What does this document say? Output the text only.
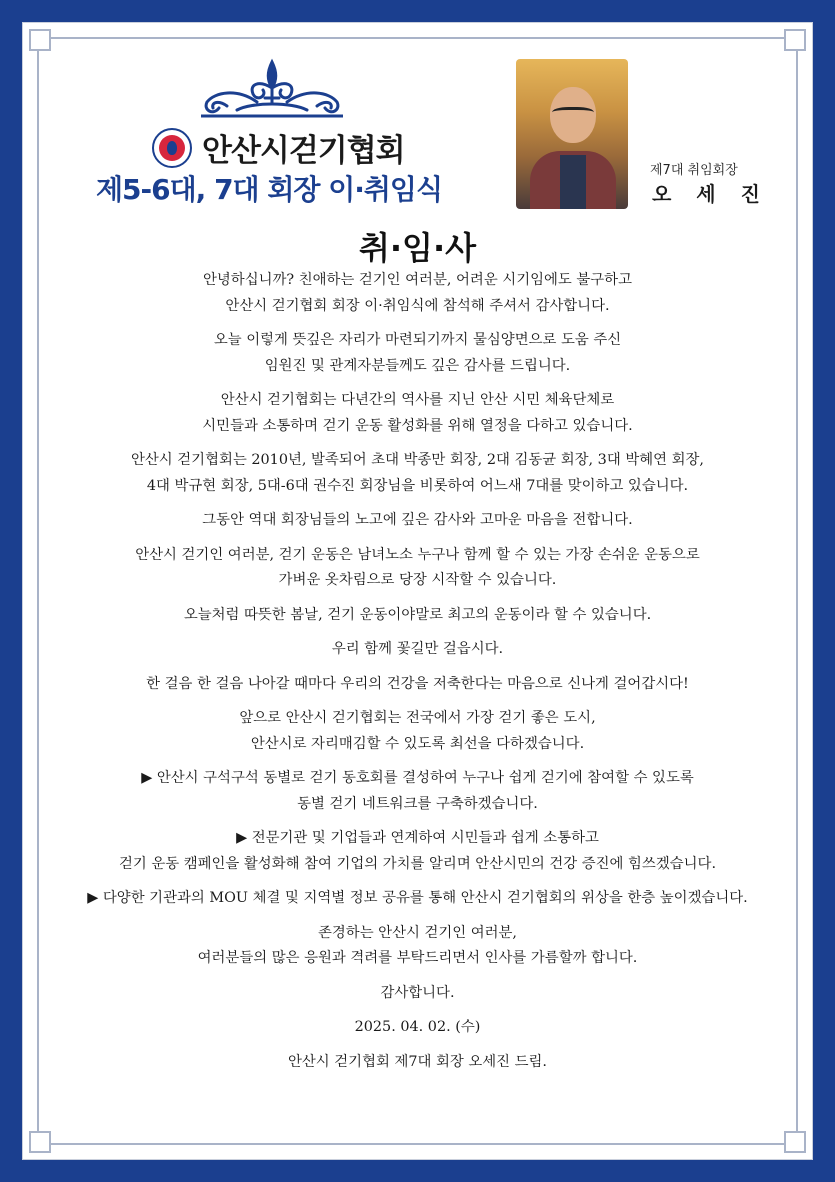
안산시걷기협회
제5-6대, 7대 회장 이·취임식
제7대 취임회장
오 세 진
취·임·사
안녕하십니까? 친애하는 걷기인 여러분, 어려운 시기임에도 불구하고
안산시 걷기협회 회장 이·취임식에 참석해 주셔서 감사합니다.
오늘 이렇게 뜻깊은 자리가 마련되기까지 물심양면으로 도움 주신
임원진 및 관계자분들께도 깊은 감사를 드립니다.
안산시 걷기협회는 다년간의 역사를 지닌 안산 시민 체육단체로
시민들과 소통하며 걷기 운동 활성화를 위해 열정을 다하고 있습니다.
안산시 걷기협회는 2010년, 발족되어 초대 박종만 회장, 2대 김동균 회장, 3대 박혜연 회장,
4대 박규현 회장, 5대-6대 권수진 회장님을 비롯하여 어느새 7대를 맞이하고 있습니다.
그동안 역대 회장님들의 노고에 깊은 감사와 고마운 마음을 전합니다.
안산시 걷기인 여러분, 걷기 운동은 남녀노소 누구나 함께 할 수 있는 가장 손쉬운 운동으로
가벼운 옷차림으로 당장 시작할 수 있습니다.
오늘처럼 따뜻한 봄날, 걷기 운동이야말로 최고의 운동이라 할 수 있습니다.
우리 함께 꽃길만 걸읍시다.
한 걸음 한 걸음 나아갈 때마다 우리의 건강을 저축한다는 마음으로 신나게 걸어갑시다!
앞으로 안산시 걷기협회는 전국에서 가장 걷기 좋은 도시,
안산시로 자리매김할 수 있도록 최선을 다하겠습니다.
▶ 안산시 구석구석 동별로 걷기 동호회를 결성하여 누구나 쉽게 걷기에 참여할 수 있도록
동별 걷기 네트워크를 구축하겠습니다.
▶ 전문기관 및 기업들과 연계하여 시민들과 쉽게 소통하고
걷기 운동 캠페인을 활성화해 참여 기업의 가치를 알리며 안산시민의 건강 증진에 힘쓰겠습니다.
▶ 다양한 기관과의 MOU 체결 및 지역별 정보 공유를 통해 안산시 걷기협회의 위상을 한층 높이겠습니다.
존경하는 안산시 걷기인 여러분,
여러분들의 많은 응원과 격려를 부탁드리면서 인사를 가름할까 합니다.
감사합니다.
2025. 04. 02. (수)
안산시 걷기협회 제7대 회장 오세진 드림.
